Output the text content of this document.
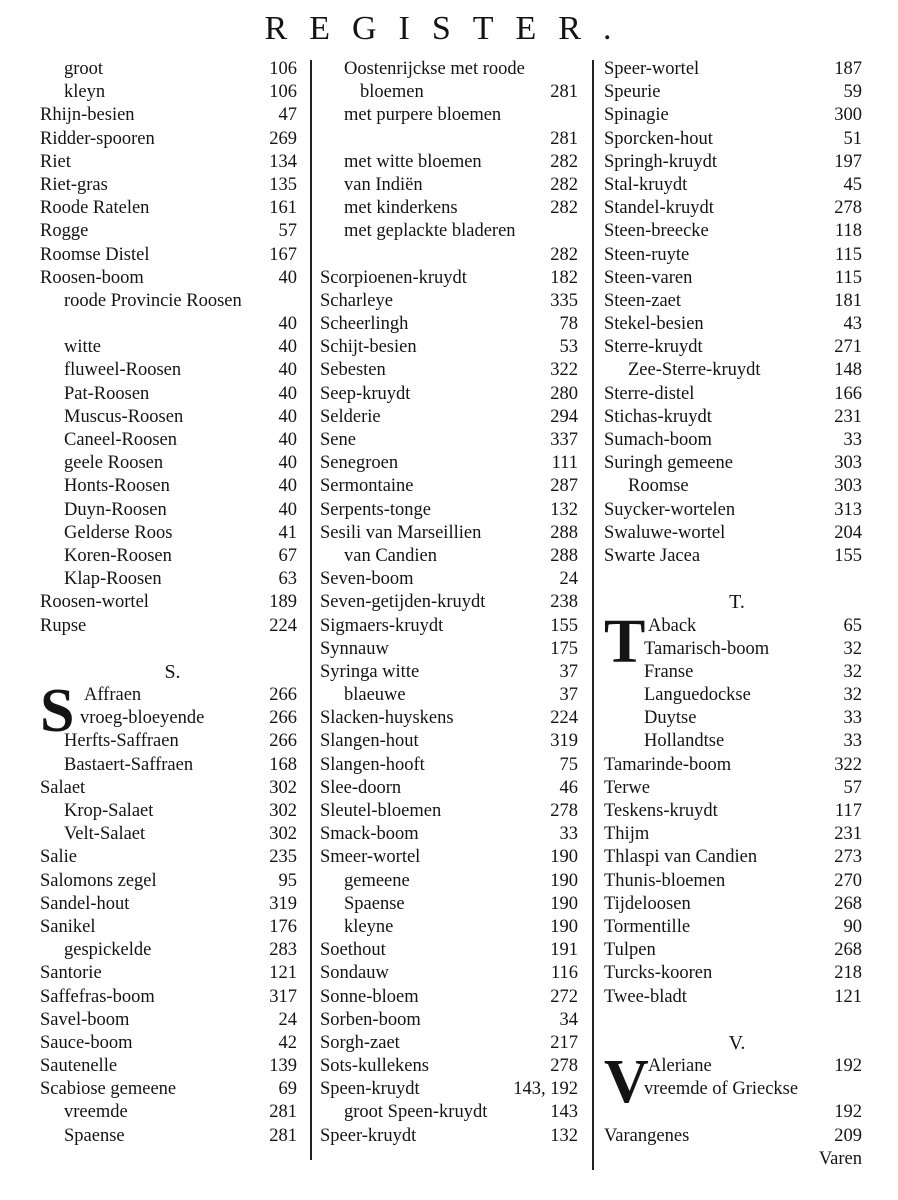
REGISTER.
groot	106
kleyn	106
Rhijn-besien	47
Ridder-spooren	269
Riet	134
Riet-gras	135
Roode Ratelen	161
Rogge	57
Roomse Distel	167
Roosen-boom	40
roode Provincie Roosen
40
witte	40
fluweel-Roosen	40
Pat-Roosen	40
Muscus-Roosen	40
Caneel-Roosen	40
geele Roosen	40
Honts-Roosen	40
Duyn-Roosen	40
Gelderse Roos	41
Koren-Roosen	67
Klap-Roosen	63
Roosen-wortel	189
Rupse	224
S.
S Affraen	266
vroeg-bloeyende	266
Herfts-Saffraen	266
Bastaert-Saffraen	168
Salaet	302
Krop-Salaet	302
Velt-Salaet	302
Salie	235
Salomons zegel	95
Sandel-hout	319
Sanikel	176
gespickelde	283
Santorie	121
Saffefras-boom	317
Savel-boom	24
Sauce-boom	42
Sautenelle	139
Scabiose gemeene	69
vreemde	281
Spaense	281
Oostenrijckse met roode
bloemen	281
met purpere bloemen
281
met witte bloemen	282
van Indiën	282
met kinderkens	282
met geplackte bladeren
282
Scorpioenen-kruydt	182
Scharleye	335
Scheerlingh	78
Schijt-besien	53
Sebesten	322
Seep-kruydt	280
Selderie	294
Sene	337
Senegroen	111
Sermontaine	287
Serpents-tonge	132
Sesili van Marseillien	288
van Candien	288
Seven-boom	24
Seven-getijden-kruydt	238
Sigmaers-kruydt	155
Synnauw	175
Syringa witte	37
blaeuwe	37
Slacken-huyskens	224
Slangen-hout	319
Slangen-hooft	75
Slee-doorn	46
Sleutel-bloemen	278
Smack-boom	33
Smeer-wortel	190
gemeene	190
Spaense	190
kleyne	190
Soethout	191
Sondauw	116
Sonne-bloem	272
Sorben-boom	34
Sorgh-zaet	217
Sots-kullekens	278
Speen-kruydt	143, 192
groot Speen-kruydt	143
Speer-kruydt	132
Speer-wortel	187
Speurie	59
Spinagie	300
Sporcken-hout	51
Springh-kruydt	197
Stal-kruydt	45
Standel-kruydt	278
Steen-breecke	118
Steen-ruyte	115
Steen-varen	115
Steen-zaet	181
Stekel-besien	43
Sterre-kruydt	271
Zee-Sterre-kruydt	148
Sterre-distel	166
Stichas-kruydt	231
Sumach-boom	33
Suringh gemeene	303
Roomse	303
Suycker-wortelen	313
Swaluwe-wortel	204
Swarte Jacea	155
T.
T Aback	65
Tamarisch-boom	32
Franse	32
Languedockse	32
Duytse	33
Hollandtse	33
Tamarinde-boom	322
Terwe	57
Teskens-kruydt	117
Thijm	231
Thlaspi van Candien	273
Thunis-bloemen	270
Tijdeloosen	268
Tormentille	90
Tulpen	268
Turcks-kooren	218
Twee-bladt	121
V.
V Aleriane	192
vreemde of Grieckse
192
Varangenes	209
Varen
